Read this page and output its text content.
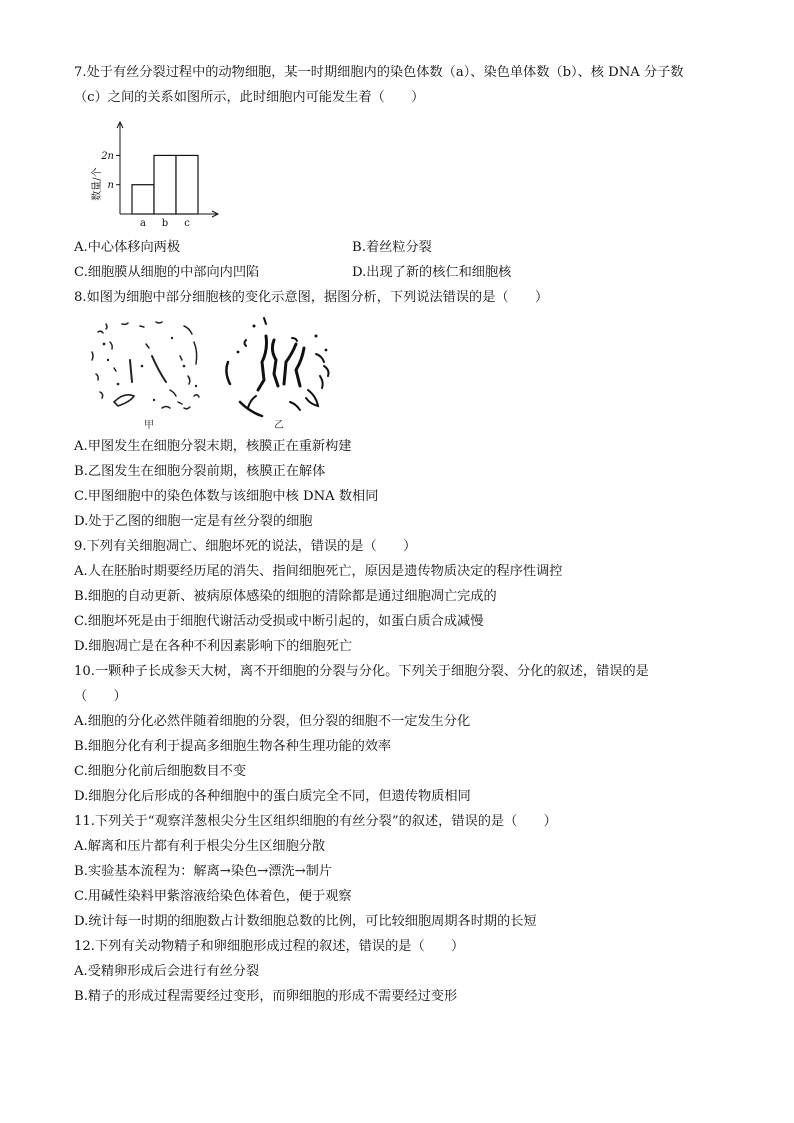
7.处于有丝分裂过程中的动物细胞，某一时期细胞内的染色体数（a）、染色单体数（b）、核 DNA 分子数
（c）之间的关系如图所示，此时细胞内可能发生着（　　）
数量/个 n
2n
a b c
A.中心体移向两极	B.着丝粒分裂
C.细胞膜从细胞的中部向内凹陷	D.出现了新的核仁和细胞核
8.如图为细胞中部分细胞核的变化示意图，据图分析，下列说法错误的是（　　）
甲	乙
A.甲图发生在细胞分裂末期，核膜正在重新构建
B.乙图发生在细胞分裂前期，核膜正在解体
C.甲图细胞中的染色体数与该细胞中核 DNA 数相同
D.处于乙图的细胞一定是有丝分裂的细胞
9.下列有关细胞凋亡、细胞坏死的说法，错误的是（　　）
A.人在胚胎时期要经历尾的消失、指间细胞死亡，原因是遗传物质决定的程序性调控
B.细胞的自动更新、被病原体感染的细胞的清除都是通过细胞凋亡完成的
C.细胞坏死是由于细胞代谢活动受损或中断引起的，如蛋白质合成减慢
D.细胞凋亡是在各种不利因素影响下的细胞死亡
10.一颗种子长成参天大树，离不开细胞的分裂与分化。下列关于细胞分裂、分化的叙述，错误的是
（　　）
A.细胞的分化必然伴随着细胞的分裂，但分裂的细胞不一定发生分化
B.细胞分化有利于提高多细胞生物各种生理功能的效率
C.细胞分化前后细胞数目不变
D.细胞分化后形成的各种细胞中的蛋白质完全不同，但遗传物质相同
11.下列关于“观察洋葱根尖分生区组织细胞的有丝分裂”的叙述，错误的是（　　）
A.解离和压片都有利于根尖分生区细胞分散
B.实验基本流程为：解离→染色→漂洗→制片
C.用碱性染料甲紫溶液给染色体着色，便于观察
D.统计每一时期的细胞数占计数细胞总数的比例，可比较细胞周期各时期的长短
12.下列有关动物精子和卵细胞形成过程的叙述，错误的是（　　）
A.受精卵形成后会进行有丝分裂
B.精子的形成过程需要经过变形，而卵细胞的形成不需要经过变形
